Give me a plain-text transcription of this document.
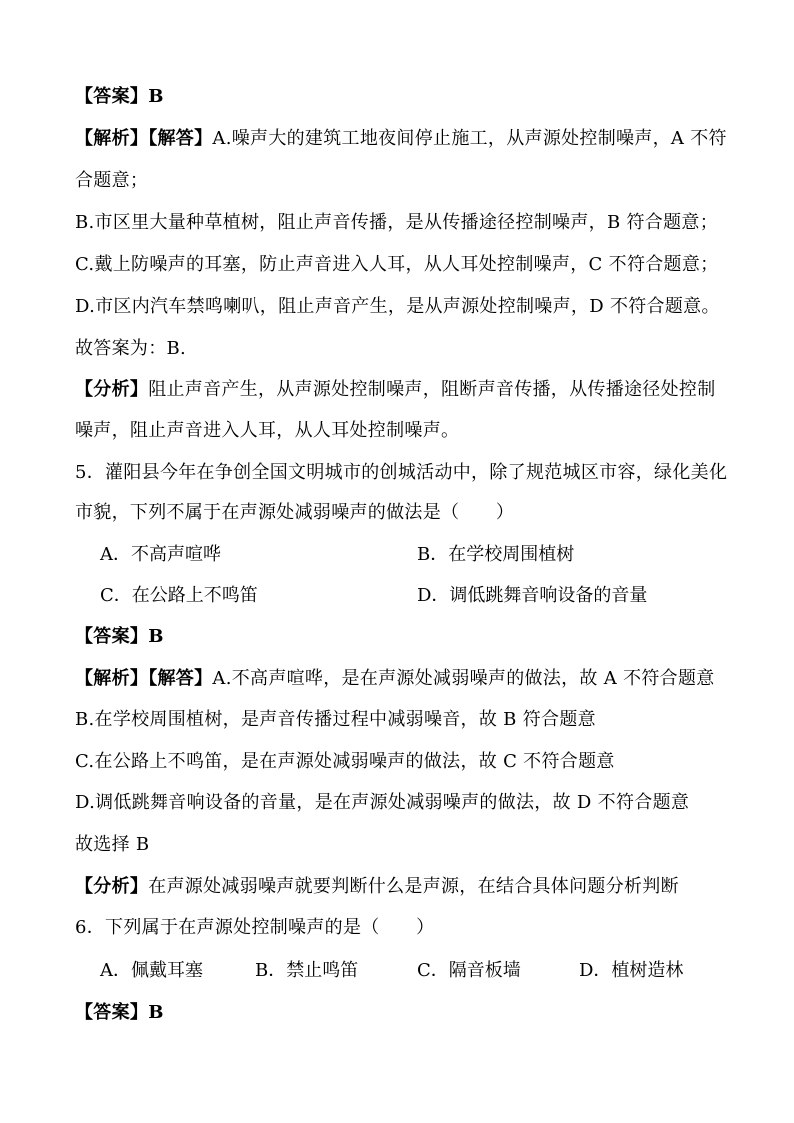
【答案】B
【解析】【解答】A.噪声大的建筑工地夜间停止施工，从声源处控制噪声，A 不符
合题意；
B.市区里大量种草植树，阻止声音传播，是从传播途径控制噪声，B 符合题意；
C.戴上防噪声的耳塞，防止声音进入人耳，从人耳处控制噪声，C 不符合题意；
D.市区内汽车禁鸣喇叭，阻止声音产生，是从声源处控制噪声，D 不符合题意。
故答案为：B.
【分析】阻止声音产生，从声源处控制噪声，阻断声音传播，从传播途径处控制
噪声，阻止声音进入人耳，从人耳处控制噪声。
5．灌阳县今年在争创全国文明城市的创城活动中，除了规范城区市容，绿化美化
市貌，下列不属于在声源处减弱噪声的做法是（　　）
A．不高声喧哗	B．在学校周围植树
C．在公路上不鸣笛	D．调低跳舞音响设备的音量
【答案】B
【解析】【解答】A.不高声喧哗，是在声源处减弱噪声的做法，故 A 不符合题意
B.在学校周围植树，是声音传播过程中减弱噪音，故 B 符合题意
C.在公路上不鸣笛，是在声源处减弱噪声的做法，故 C 不符合题意
D.调低跳舞音响设备的音量，是在声源处减弱噪声的做法，故 D 不符合题意
故选择 B
【分析】在声源处减弱噪声就要判断什么是声源，在结合具体问题分析判断
6．下列属于在声源处控制噪声的是（　　）
A．佩戴耳塞	B．禁止鸣笛	C．隔音板墙	D．植树造林
【答案】B
